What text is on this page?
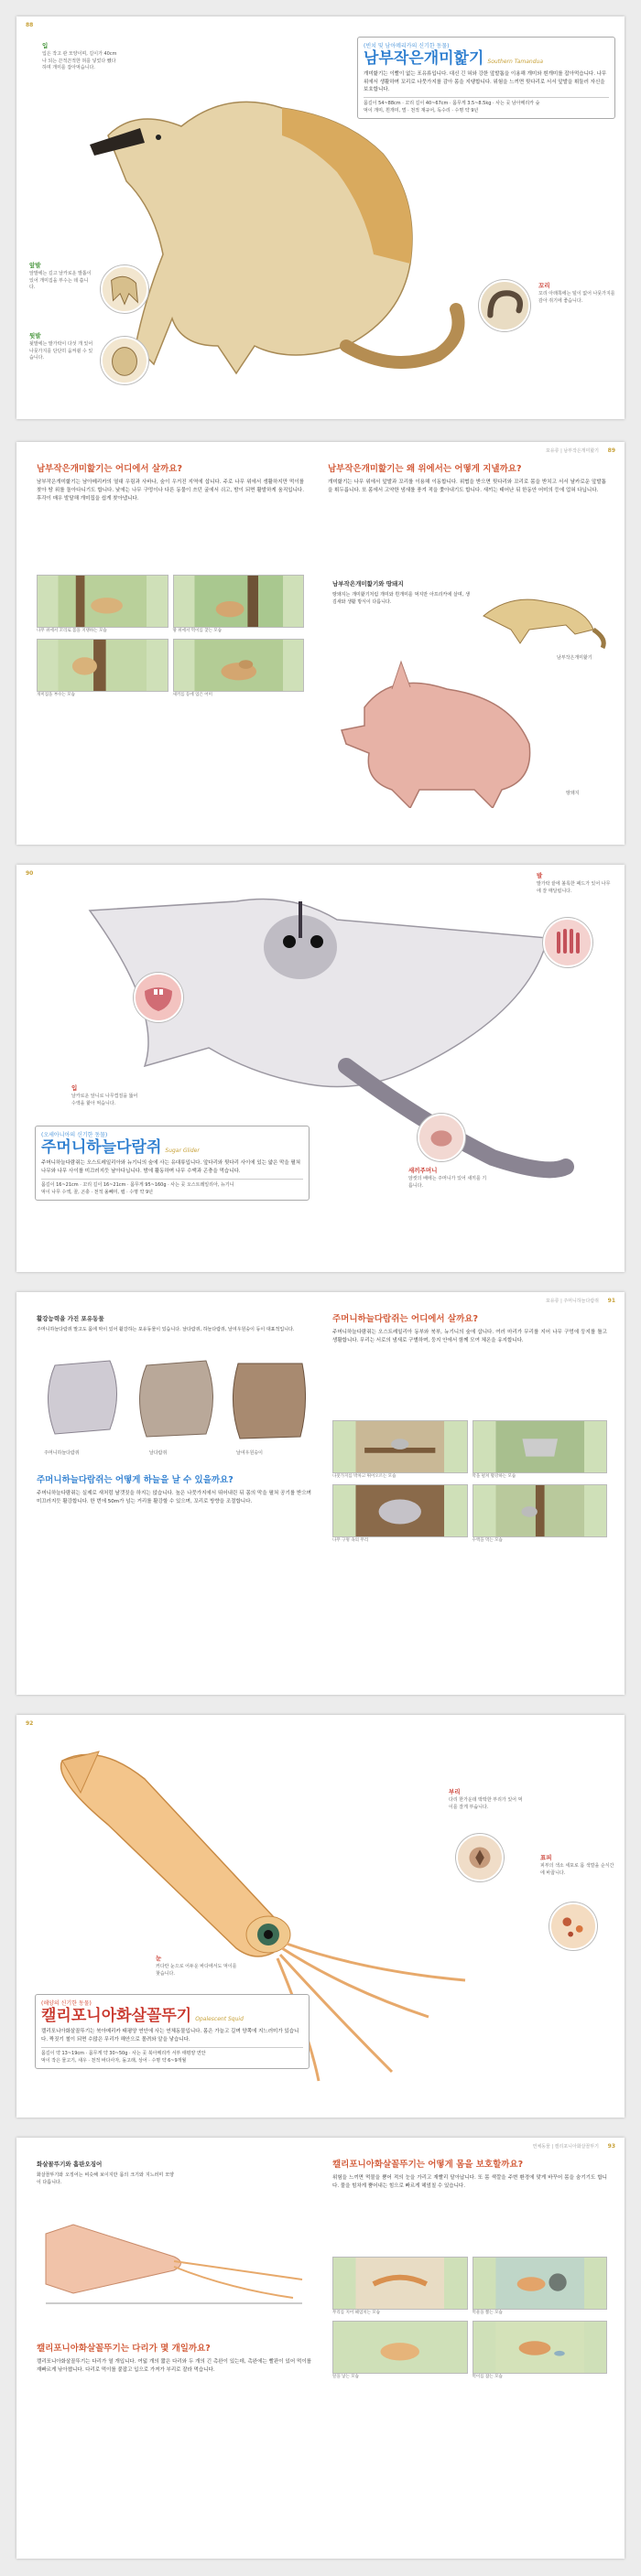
88
(빈치 및 남아메리카의 신기한 동물)
남부작은개미핥기 Southern Tamandua
개미핥기는 이빨이 없는 포유류입니다. 대신 긴 혀와 강한 앞발톱을 이용해 개미와 흰개미를 잡아먹습니다. 나무 위에서 생활하며 꼬리로 나뭇가지를 감아 몸을 지탱합니다. 위험을 느끼면 뒷다리로 서서 앞발을 휘둘러 자신을 보호합니다.
몸길이 54~88cm · 꼬리 길이 40~67cm · 몸무게 3.5~8.5kg · 사는 곳 남아메리카 숲
먹이 개미, 흰개미, 벌 · 천적 재규어, 독수리 · 수명 약 9년
입
입은 작고 관 모양이며, 길이가 40cm나 되는 끈적끈적한 혀를 넣었다 뺐다 하며 개미를 잡아먹습니다.
앞발
앞발에는 길고 날카로운 발톱이 있어 개미집을 부수는 데 씁니다.
뒷발
뒷발에는 발가락이 다섯 개 있어 나뭇가지를 단단히 움켜쥘 수 있습니다.
꼬리
꼬리 아래쪽에는 털이 없어 나뭇가지를 감아 쥐기에 좋습니다.
포유류 | 남부작은개미핥기 89
남부작은개미핥기는 어디에서 살까요?
남부작은개미핥기는 남아메리카의 열대 우림과 사바나, 숲이 우거진 지역에 삽니다. 주로 나무 위에서 생활하지만 먹이를 찾아 땅 위를 돌아다니기도 합니다. 낮에는 나무 구멍이나 다른 동물이 쓰던 굴에서 쉬고, 밤이 되면 활발하게 움직입니다. 후각이 매우 발달해 개미집을 쉽게 찾아냅니다.
나무 위에서 꼬리로 몸을 지탱하는 모습	땅 위에서 먹이를 찾는 모습
개미집을 부수는 모습	새끼를 등에 업은 어미
남부작은개미핥기는 왜 위에서는 어떻게 지낼까요?
개미핥기는 나무 위에서 앞발과 꼬리를 이용해 이동합니다. 위협을 받으면 뒷다리와 꼬리로 몸을 받치고 서서 날카로운 앞발톱을 휘두릅니다. 또 몸에서 고약한 냄새를 풍겨 적을 쫓아내기도 합니다. 새끼는 태어난 뒤 한동안 어미의 등에 업혀 다닙니다.
남부작은개미핥기와 땅돼지
땅돼지는 개미핥기처럼 개미와 흰개미를 먹지만 아프리카에 살며, 생김새와 생활 방식이 다릅니다.
남부작은개미핥기
땅돼지
90
입
날카로운 앞니로 나무껍질을 뚫어 수액을 핥아 먹습니다.
발
발가락 끝에 볼록한 패드가 있어 나무에 잘 매달립니다.
새끼주머니
암컷의 배에는 주머니가 있어 새끼를 기릅니다.
(오세아니아의 신기한 동물)
주머니하늘다람쥐 Sugar Glider
주머니하늘다람쥐는 오스트레일리아와 뉴기니의 숲에 사는 유대류입니다. 앞다리와 뒷다리 사이에 있는 얇은 막을 펼쳐 나무와 나무 사이를 미끄러지듯 날아다닙니다. 밤에 활동하며 나무 수액과 곤충을 먹습니다.
몸길이 16~21cm · 꼬리 길이 16~21cm · 몸무게 95~160g · 사는 곳 오스트레일리아, 뉴기니
먹이 나무 수액, 꿀, 곤충 · 천적 올빼미, 뱀 · 수명 약 9년
포유류 | 주머니하늘다람쥐 91
활강능력을 가진 포유동물
주머니하늘다람쥐 말고도 몸에 막이 있어 활강하는 포유동물이 있습니다. 날다람쥐, 하늘다람쥐, 날여우원숭이 등이 대표적입니다.
주머니하늘다람쥐	날다람쥐	날여우원숭이
주머니하늘다람쥐는 어떻게 하늘을 날 수 있을까요?
주머니하늘다람쥐는 실제로 새처럼 날갯짓을 하지는 않습니다. 높은 나뭇가지에서 뛰어내린 뒤 몸의 막을 펼쳐 공기를 받으며 미끄러지듯 활강합니다. 한 번에 50m가 넘는 거리를 활강할 수 있으며, 꼬리로 방향을 조절합니다.
주머니하늘다람쥐는 어디에서 살까요?
주머니하늘다람쥐는 오스트레일리아 동부와 북부, 뉴기니의 숲에 삽니다. 여러 마리가 무리를 지어 나무 구멍에 둥지를 틀고 생활합니다. 무리는 서로의 냄새로 구별하며, 둥지 안에서 함께 모여 체온을 유지합니다.
나뭇가지를 박차고 뛰어오르는 모습	막을 펼쳐 활강하는 모습
나무 구멍 속의 무리	수액을 먹는 모습
92
부리
다리 한가운데 딱딱한 부리가 있어 먹이를 잘게 부숩니다.
표피
피부의 색소 세포로 몸 색깔을 순식간에 바꿉니다.
눈
커다란 눈으로 어두운 바다에서도 먹이를 찾습니다.
(해양의 신기한 동물)
캘리포니아화살꼴뚜기 Opalescent Squid
캘리포니아화살꼴뚜기는 북아메리카 태평양 연안에 사는 연체동물입니다. 몸은 가늘고 길며 양쪽에 지느러미가 있습니다. 짝짓기 철이 되면 수많은 무리가 해안으로 몰려와 알을 낳습니다.
몸길이 약 13~19cm · 몸무게 약 30~50g · 사는 곳 북아메리카 서부 태평양 연안
먹이 작은 물고기, 새우 · 천적 바다사자, 돌고래, 상어 · 수명 약 6~9개월
연체동물 | 캘리포니아화살꼴뚜기 93
화살꼴뚜기와 흡판오징어
화살꼴뚜기와 오징어는 비슷해 보이지만 몸의 크기와 지느러미 모양이 다릅니다.
캘리포니아화살꼴뚜기는 다리가 몇 개일까요?
캘리포니아화살꼴뚜기는 다리가 열 개입니다. 여덟 개의 짧은 다리와 두 개의 긴 촉완이 있는데, 촉완에는 빨판이 있어 먹이를 재빠르게 낚아챕니다. 다리로 먹이를 붙잡고 입으로 가져가 부리로 잘라 먹습니다.
캘리포니아화살꼴뚜기는 어떻게 몸을 보호할까요?
위험을 느끼면 먹물을 뿜어 적의 눈을 가리고 재빨리 달아납니다. 또 몸 색깔을 주변 환경에 맞게 바꾸어 몸을 숨기기도 합니다. 물을 힘차게 뿜어내는 힘으로 빠르게 헤엄칠 수 있습니다.
무리를 지어 헤엄치는 모습	먹물을 뿜는 모습
알을 낳는 모습	먹이를 잡는 모습
